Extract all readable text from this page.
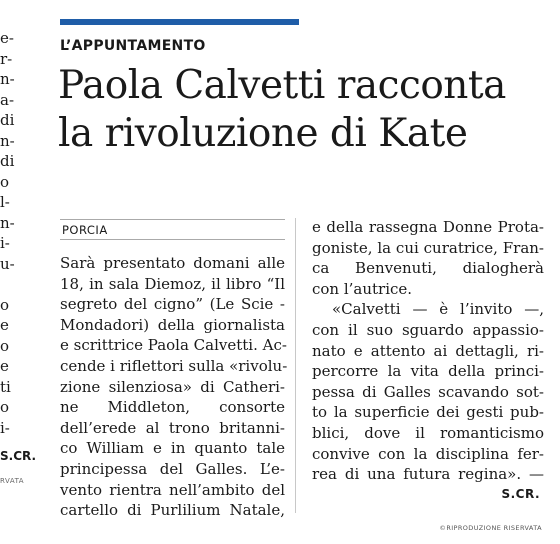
e-
r-
n-
a-
di
n-
di
o
l-
n-
i-
u-
o
e
o
e
ti
o
i-
S.CR.
RVATA
L’APPUNTAMENTO
Paola Calvetti racconta
la rivoluzione di Kate
PORCIA
Sarà presentato domani alle
18, in sala Diemoz, il libro “Il
segreto del cigno” (Le Scie -
Mondadori) della giornalista
e scrittrice Paola Calvetti. Ac-
cende i riflettori sulla «rivolu-
zione silenziosa» di Catheri-
ne Middleton, consorte
dell’erede al trono britanni-
co William e in quanto tale
principessa del Galles. L’e-
vento rientra nell’ambito del
cartello di Purlilium Natale,
e della rassegna Donne Prota-
goniste, la cui curatrice, Fran-
ca Benvenuti, dialogherà
con l’autrice.
«Calvetti — è l’invito —,
con il suo sguardo appassio-
nato e attento ai dettagli, ri-
percorre la vita della princi-
pessa di Galles scavando sot-
to la superficie dei gesti pub-
blici, dove il romanticismo
convive con la disciplina fer-
rea di una futura regina». —
S.CR.
©RIPRODUZIONE RISERVATA
